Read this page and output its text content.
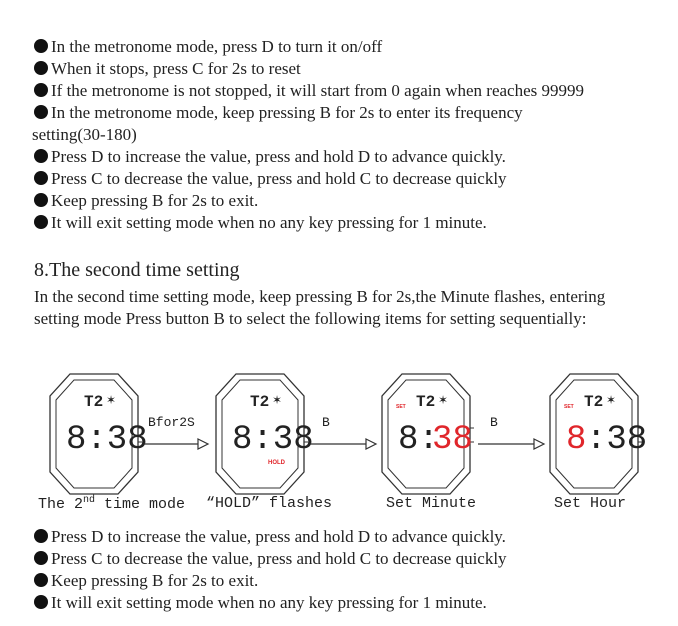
In the metronome mode, press D to turn it on/off
When it stops, press C for 2s to reset
If the metronome is not stopped, it will start from 0 again when reaches 99999
In the metronome mode, keep pressing B for 2s to enter its frequency
setting(30-180)
Press D to increase the value, press and hold D to advance quickly.
Press C to decrease the value, press and hold C to decrease quickly
Keep pressing B for 2s to exit.
It will exit setting mode when no any key pressing for 1 minute.
8.The second time setting

In the second time setting mode, keep pressing B for 2s,the Minute flashes, entering setting mode Press button B to select the following items for setting sequentially:

T2 ✶
8:38 Bfor2S
T2 ✶
8:38
HOLD
B
SET T2 ✶
8:
38 B
SET T2 ✶
8 :38
The 2nd time mode “HOLD” flashes	Set Minute	Set Hour
Press D to increase the value, press and hold D to advance quickly.
Press C to decrease the value, press and hold C to decrease quickly
Keep pressing B for 2s to exit.
It will exit setting mode when no any key pressing for 1 minute.
